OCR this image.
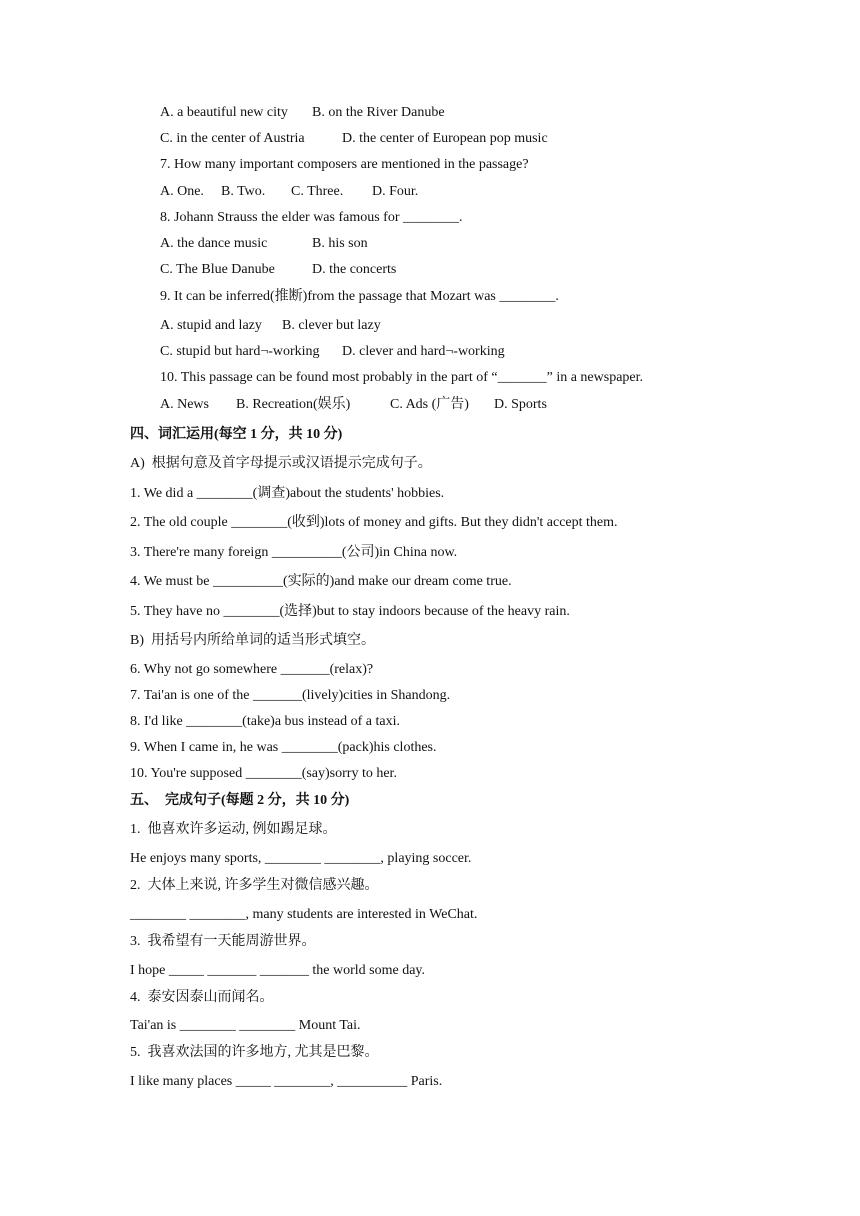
A. a beautiful new city B. on the River Danube
C. in the center of Austria	D. the center of European pop music
7. How many important composers are mentioned in the passage?
A. One. B. Two. C. Three. D. Four.
8. Johann Strauss the elder was famous for ________.
A. the dance music	B. his son
C. The Blue Danube	D. the concerts
9. It can be inferred(推断)from the passage that Mozart was ________.
A. stupid and lazy B. clever but lazy
C. stupid but hard¬-working D. clever and hard¬-working
10. This passage can be found most probably in the part of “_______” in a newspaper.
A. News B. Recreation(娱乐)	C. Ads (广告) D. Sports
四、词汇运用(每空 1 分，共 10 分)
A)  根据句意及首字母提示或汉语提示完成句子。
1. We did a ________(调查)about the students' hobbies.
2. The old couple ________(收到)lots of money and gifts. But they didn't accept them.
3. There're many foreign __________(公司)in China now.
4. We must be __________(实际的)and make our dream come true.
5. They have no ________(选择)but to stay indoors because of the heavy rain.
B)  用括号内所给单词的适当形式填空。
6. Why not go somewhere _______(relax)?
7. Tai'an is one of the _______(lively)cities in Shandong.
8. I'd like ________(take)a bus instead of a taxi.
9. When I came in, he was ________(pack)his clothes.
10. You're supposed ________(say)sorry to her.
五、  完成句子(每题 2 分，共 10 分)
1.  他喜欢许多运动, 例如踢足球。
He enjoys many sports, ________ ________, playing soccer.
2.  大体上来说, 许多学生对微信感兴趣。
________ ________, many students are interested in WeChat.
3.  我希望有一天能周游世界。
I hope _____ _______ _______ the world some day.
4.  泰安因泰山而闻名。
Tai'an is ________ ________ Mount Tai.
5.  我喜欢法国的许多地方, 尤其是巴黎。
I like many places _____ ________, __________ Paris.
